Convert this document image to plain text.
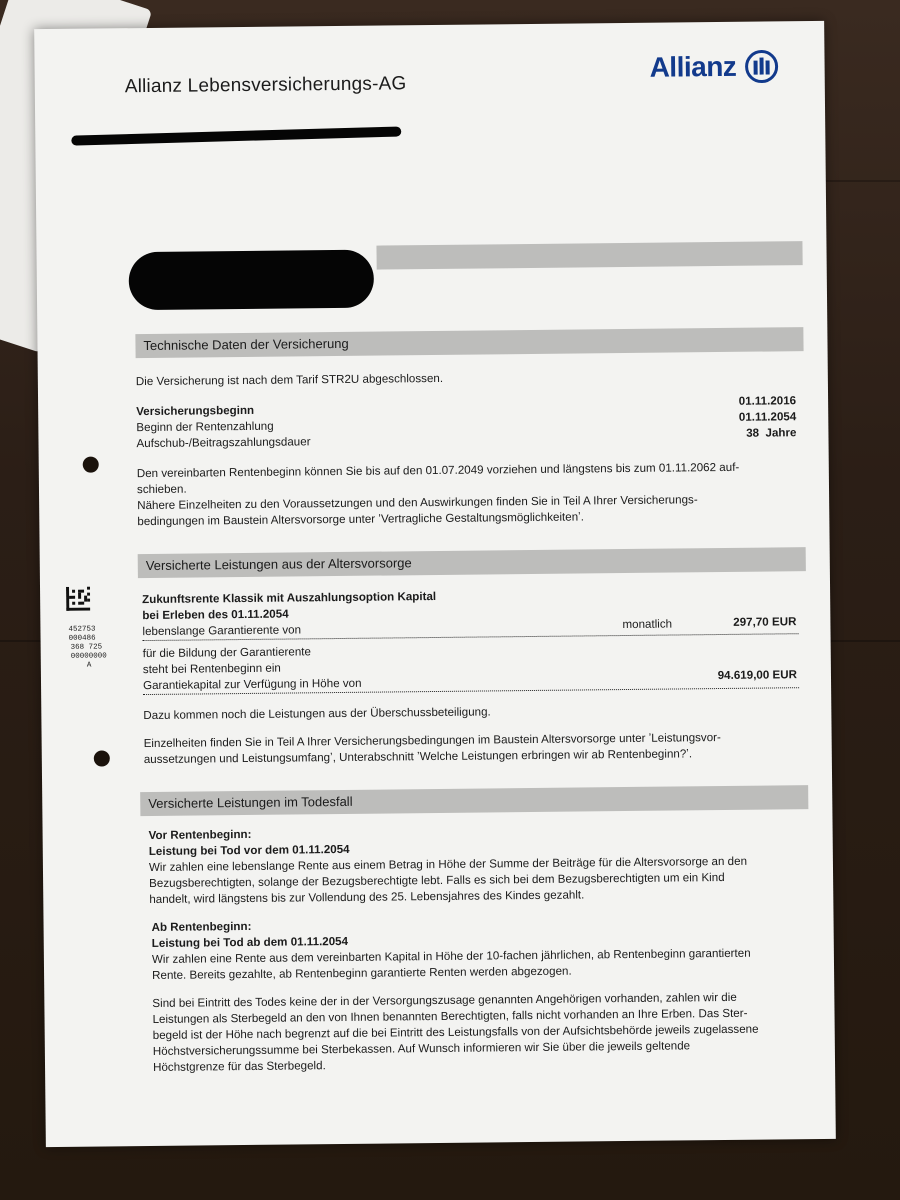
Allianz Lebensversicherungs-AG
Allianz
Technische Daten der Versicherung
Die Versicherung ist nach dem Tarif STR2U abgeschlossen.
Versicherungsbeginn
01.11.2016
Beginn der Rentenzahlung
01.11.2054
Aufschub-/Beitragszahlungsdauer
38  Jahre
Den vereinbarten Rentenbeginn können Sie bis auf den 01.07.2049 vorziehen und längstens bis zum 01.11.2062 auf-
schieben.
Nähere Einzelheiten zu den Voraussetzungen und den Auswirkungen finden Sie in Teil A Ihrer Versicherungs-
bedingungen im Baustein Altersvorsorge unter ʼVertragliche Gestaltungsmöglichkeitenʼ.
Versicherte Leistungen aus der Altersvorsorge
Zukunftsrente Klassik mit Auszahlungsoption Kapital
bei Erleben des 01.11.2054
lebenslange Garantierente von	monatlich	297,70 EUR
für die Bildung der Garantierente
steht bei Rentenbeginn ein
Garantiekapital zur Verfügung in Höhe von
94.619,00 EUR
Dazu kommen noch die Leistungen aus der Überschussbeteiligung.
Einzelheiten finden Sie in Teil A Ihrer Versicherungsbedingungen im Baustein Altersvorsorge unter ʼLeistungsvor-
aussetzungen und Leistungsumfangʼ, Unterabschnitt ʼWelche Leistungen erbringen wir ab Rentenbeginn?ʼ.
Versicherte Leistungen im Todesfall
Vor Rentenbeginn:
Leistung bei Tod vor dem 01.11.2054
Wir zahlen eine lebenslange Rente aus einem Betrag in Höhe der Summe der Beiträge für die Altersvorsorge an den
Bezugsberechtigten, solange der Bezugsberechtigte lebt. Falls es sich bei dem Bezugsberechtigten um ein Kind
handelt, wird längstens bis zur Vollendung des 25. Lebensjahres des Kindes gezahlt.
Ab Rentenbeginn:
Leistung bei Tod ab dem 01.11.2054
Wir zahlen eine Rente aus dem vereinbarten Kapital in Höhe der 10-fachen jährlichen, ab Rentenbeginn garantierten
Rente. Bereits gezahlte, ab Rentenbeginn garantierte Renten werden abgezogen.
Sind bei Eintritt des Todes keine der in der Versorgungszusage genannten Angehörigen vorhanden, zahlen wir die
Leistungen als Sterbegeld an den von Ihnen benannten Berechtigten, falls nicht vorhanden an Ihre Erben. Das Ster-
begeld ist der Höhe nach begrenzt auf die bei Eintritt des Leistungsfalls von der Aufsichtsbehörde jeweils zugelassene
Höchstversicherungssumme bei Sterbekassen. Auf Wunsch informieren wir Sie über die jeweils geltende
Höchstgrenze für das Sterbegeld.
452753
000486
368 725
00000000
A
